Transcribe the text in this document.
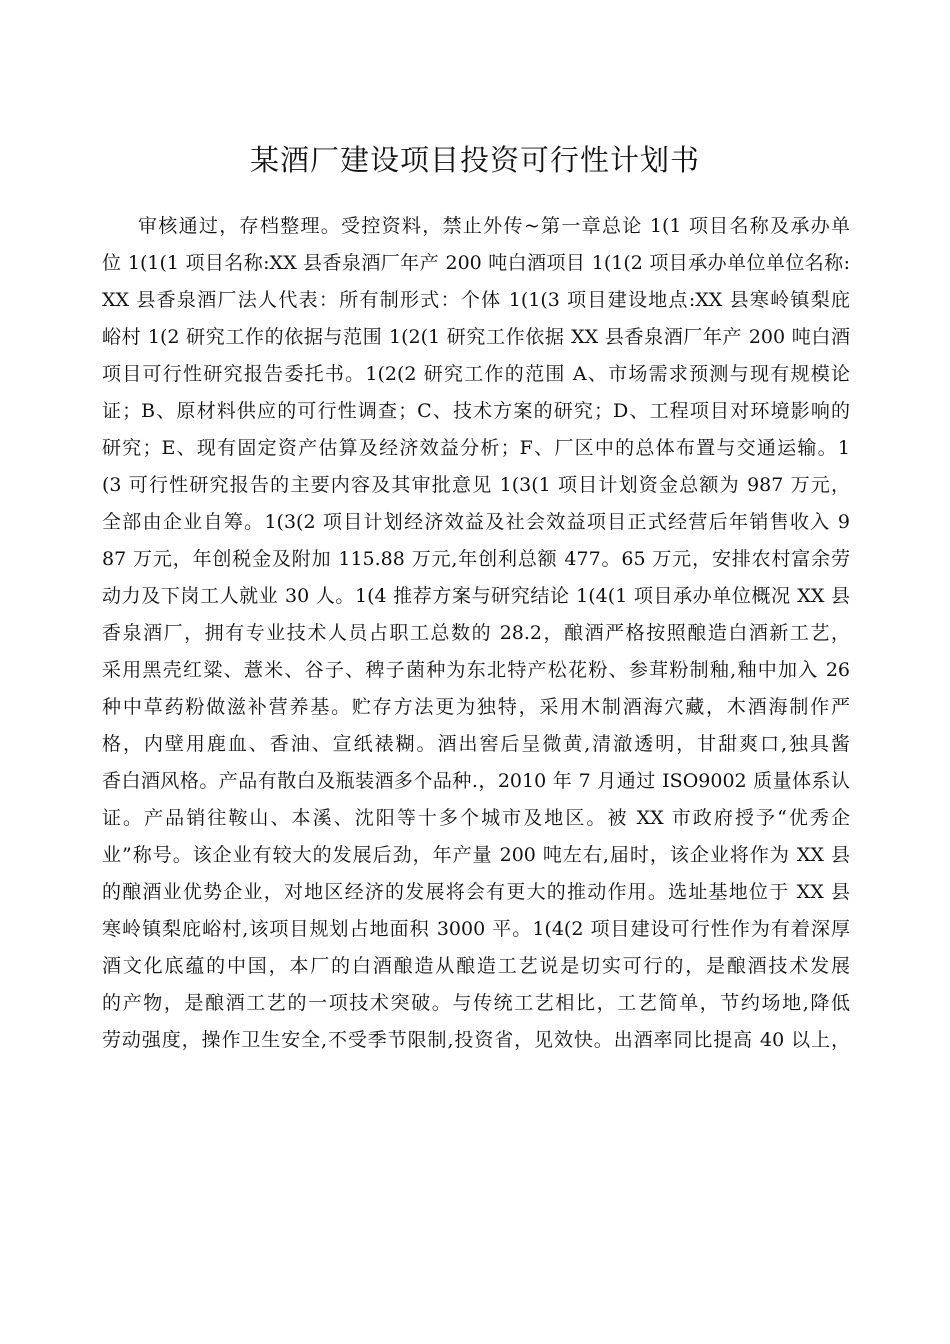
某酒厂建设项目投资可行性计划书
审核通过，存档整理。受控资料，禁止外传~第一章总论 1(1 项目名称及承办单
位 1(1(1 项目名称:XX 县香泉酒厂年产 200 吨白酒项目 1(1(2 项目承办单位单位名称:
XX 县香泉酒厂法人代表：所有制形式：个体 1(1(3 项目建设地点:XX 县寒岭镇梨庇
峪村 1(2 研究工作的依据与范围 1(2(1 研究工作依据 XX 县香泉酒厂年产 200 吨白酒
项目可行性研究报告委托书。1(2(2 研究工作的范围 A、市场需求预测与现有规模论
证；B、原材料供应的可行性调查；C、技术方案的研究；D、工程项目对环境影响的
研究；E、现有固定资产估算及经济效益分析；F、厂区中的总体布置与交通运输。1
(3 可行性研究报告的主要内容及其审批意见 1(3(1 项目计划资金总额为 987 万元，
全部由企业自筹。1(3(2 项目计划经济效益及社会效益项目正式经营后年销售收入 9
87 万元，年创税金及附加 115.88 万元,年创利总额 477。65 万元，安排农村富余劳
动力及下岗工人就业 30 人。1(4 推荐方案与研究结论 1(4(1 项目承办单位概况 XX 县
香泉酒厂，拥有专业技术人员占职工总数的 28.2，酿酒严格按照酿造白酒新工艺，
采用黑壳红粱、薏米、谷子、稗子菌种为东北特产松花粉、参茸粉制釉,釉中加入 26
种中草药粉做滋补营养基。贮存方法更为独特，采用木制酒海穴藏，木酒海制作严
格，内壁用鹿血、香油、宣纸裱糊。酒出窖后呈微黄,清澈透明，甘甜爽口,独具酱
香白酒风格。产品有散白及瓶装酒多个品种.，2010 年 7 月通过 ISO9002 质量体系认
证。产品销往鞍山、本溪、沈阳等十多个城市及地区。被 XX 市政府授予“优秀企
业”称号。该企业有较大的发展后劲，年产量 200 吨左右,届时，该企业将作为 XX 县
的酿酒业优势企业，对地区经济的发展将会有更大的推动作用。选址基地位于 XX 县
寒岭镇梨庇峪村,该项目规划占地面积 3000 平。1(4(2 项目建设可行性作为有着深厚
酒文化底蕴的中国，本厂的白酒酿造从酿造工艺说是切实可行的，是酿酒技术发展
的产物，是酿酒工艺的一项技术突破。与传统工艺相比，工艺简单，节约场地,降低
劳动强度，操作卫生安全,不受季节限制,投资省，见效快。出酒率同比提高 40 以上，
